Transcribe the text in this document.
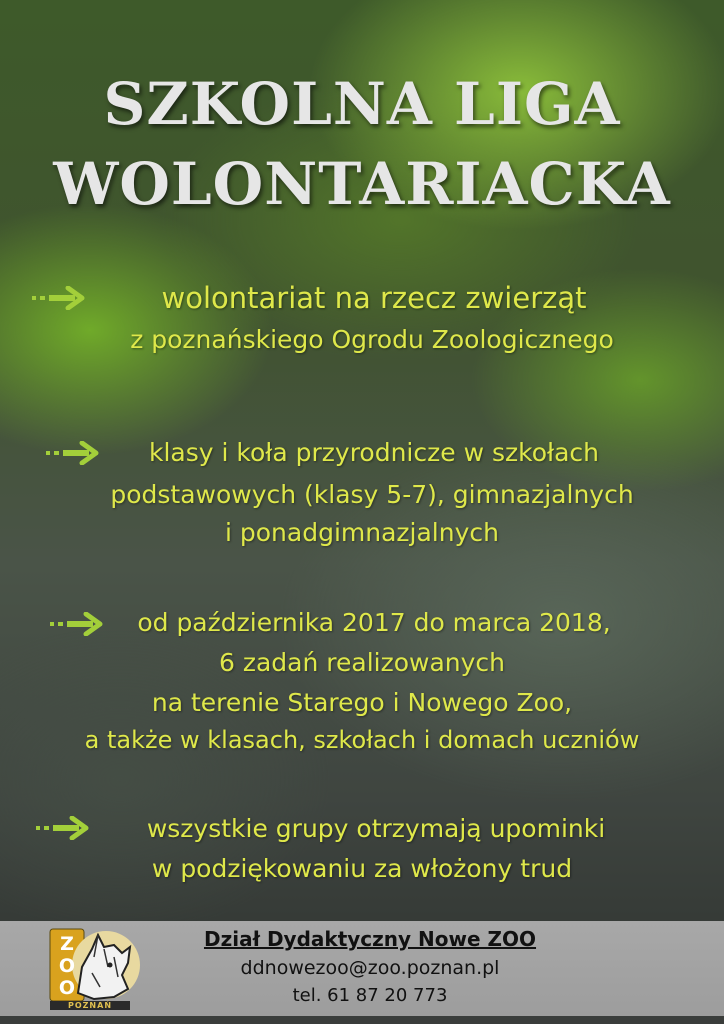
SZKOLNA LIGA
WOLONTARIACKA
wolontariat na rzecz zwierząt
z poznańskiego Ogrodu Zoologicznego
klasy i koła przyrodnicze w szkołach
podstawowych (klasy 5-7), gimnazjalnych
i ponadgimnazjalnych
od października 2017 do marca 2018,
6 zadań realizowanych
na terenie Starego i Nowego Zoo,
a także w klasach, szkołach i domach uczniów
wszystkie grupy otrzymają upominki
w podziękowaniu za włożony trud
ZOO
POZNAŃ
Dział Dydaktyczny Nowe ZOO
ddnowezoo@zoo.poznan.pl
tel. 61 87 20 773
